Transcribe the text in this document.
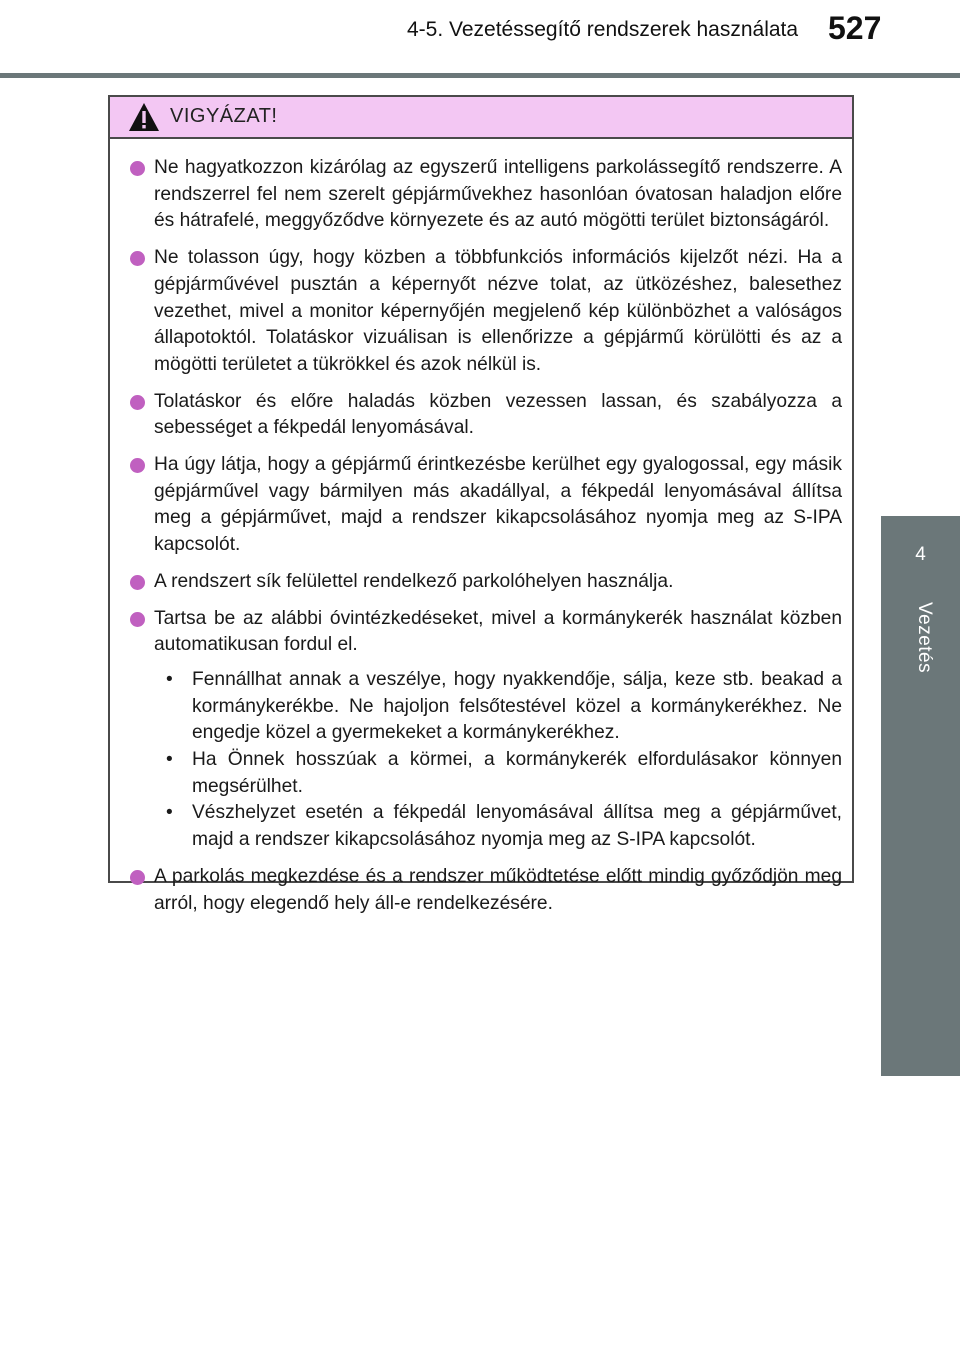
4-5. Vezetéssegítő rendszerek használata 527
4
Vezetés
VIGYÁZAT!
Ne hagyatkozzon kizárólag az egyszerű intelligens parkolássegítő rendszerre. A rendszerrel fel nem szerelt gépjárművekhez hasonlóan óvatosan haladjon előre és hátrafelé, meggyőződve környezete és az autó mögötti terület biztonságáról.
Ne tolasson úgy, hogy közben a többfunkciós információs kijelzőt nézi. Ha a gépjárművével pusztán a képernyőt nézve tolat, az ütközéshez, balesethez vezethet, mivel a monitor képernyőjén megjelenő kép különbözhet a valóságos állapotoktól. Tolatáskor vizuálisan is ellenőrizze a gépjármű körülötti és az a mögötti területet a tükrökkel és azok nélkül is.
Tolatáskor és előre haladás közben vezessen lassan, és szabályozza a sebességet a fékpedál lenyomásával.
Ha úgy látja, hogy a gépjármű érintkezésbe kerülhet egy gyalogossal, egy másik gépjárművel vagy bármilyen más akadállyal, a fékpedál lenyomásával állítsa meg a gépjárművet, majd a rendszer kikapcsolásához nyomja meg az S-IPA kapcsolót.
A rendszert sík felülettel rendelkező parkolóhelyen használja.
Tartsa be az alábbi óvintézkedéseket, mivel a kormánykerék használat közben automatikusan fordul el.
• Fennállhat annak a veszélye, hogy nyakkendője, sálja, keze stb. beakad a kormánykerékbe. Ne hajoljon felsőtestével közel a kormánykerékhez. Ne engedje közel a gyermekeket a kormánykerékhez.
• Ha Önnek hosszúak a körmei, a kormánykerék elfordulásakor könnyen megsérülhet.
• Vészhelyzet esetén a fékpedál lenyomásával állítsa meg a gépjárművet, majd a rendszer kikapcsolásához nyomja meg az S-IPA kapcsolót.
A parkolás megkezdése és a rendszer működtetése előtt mindig győződjön meg arról, hogy elegendő hely áll-e rendelkezésére.
